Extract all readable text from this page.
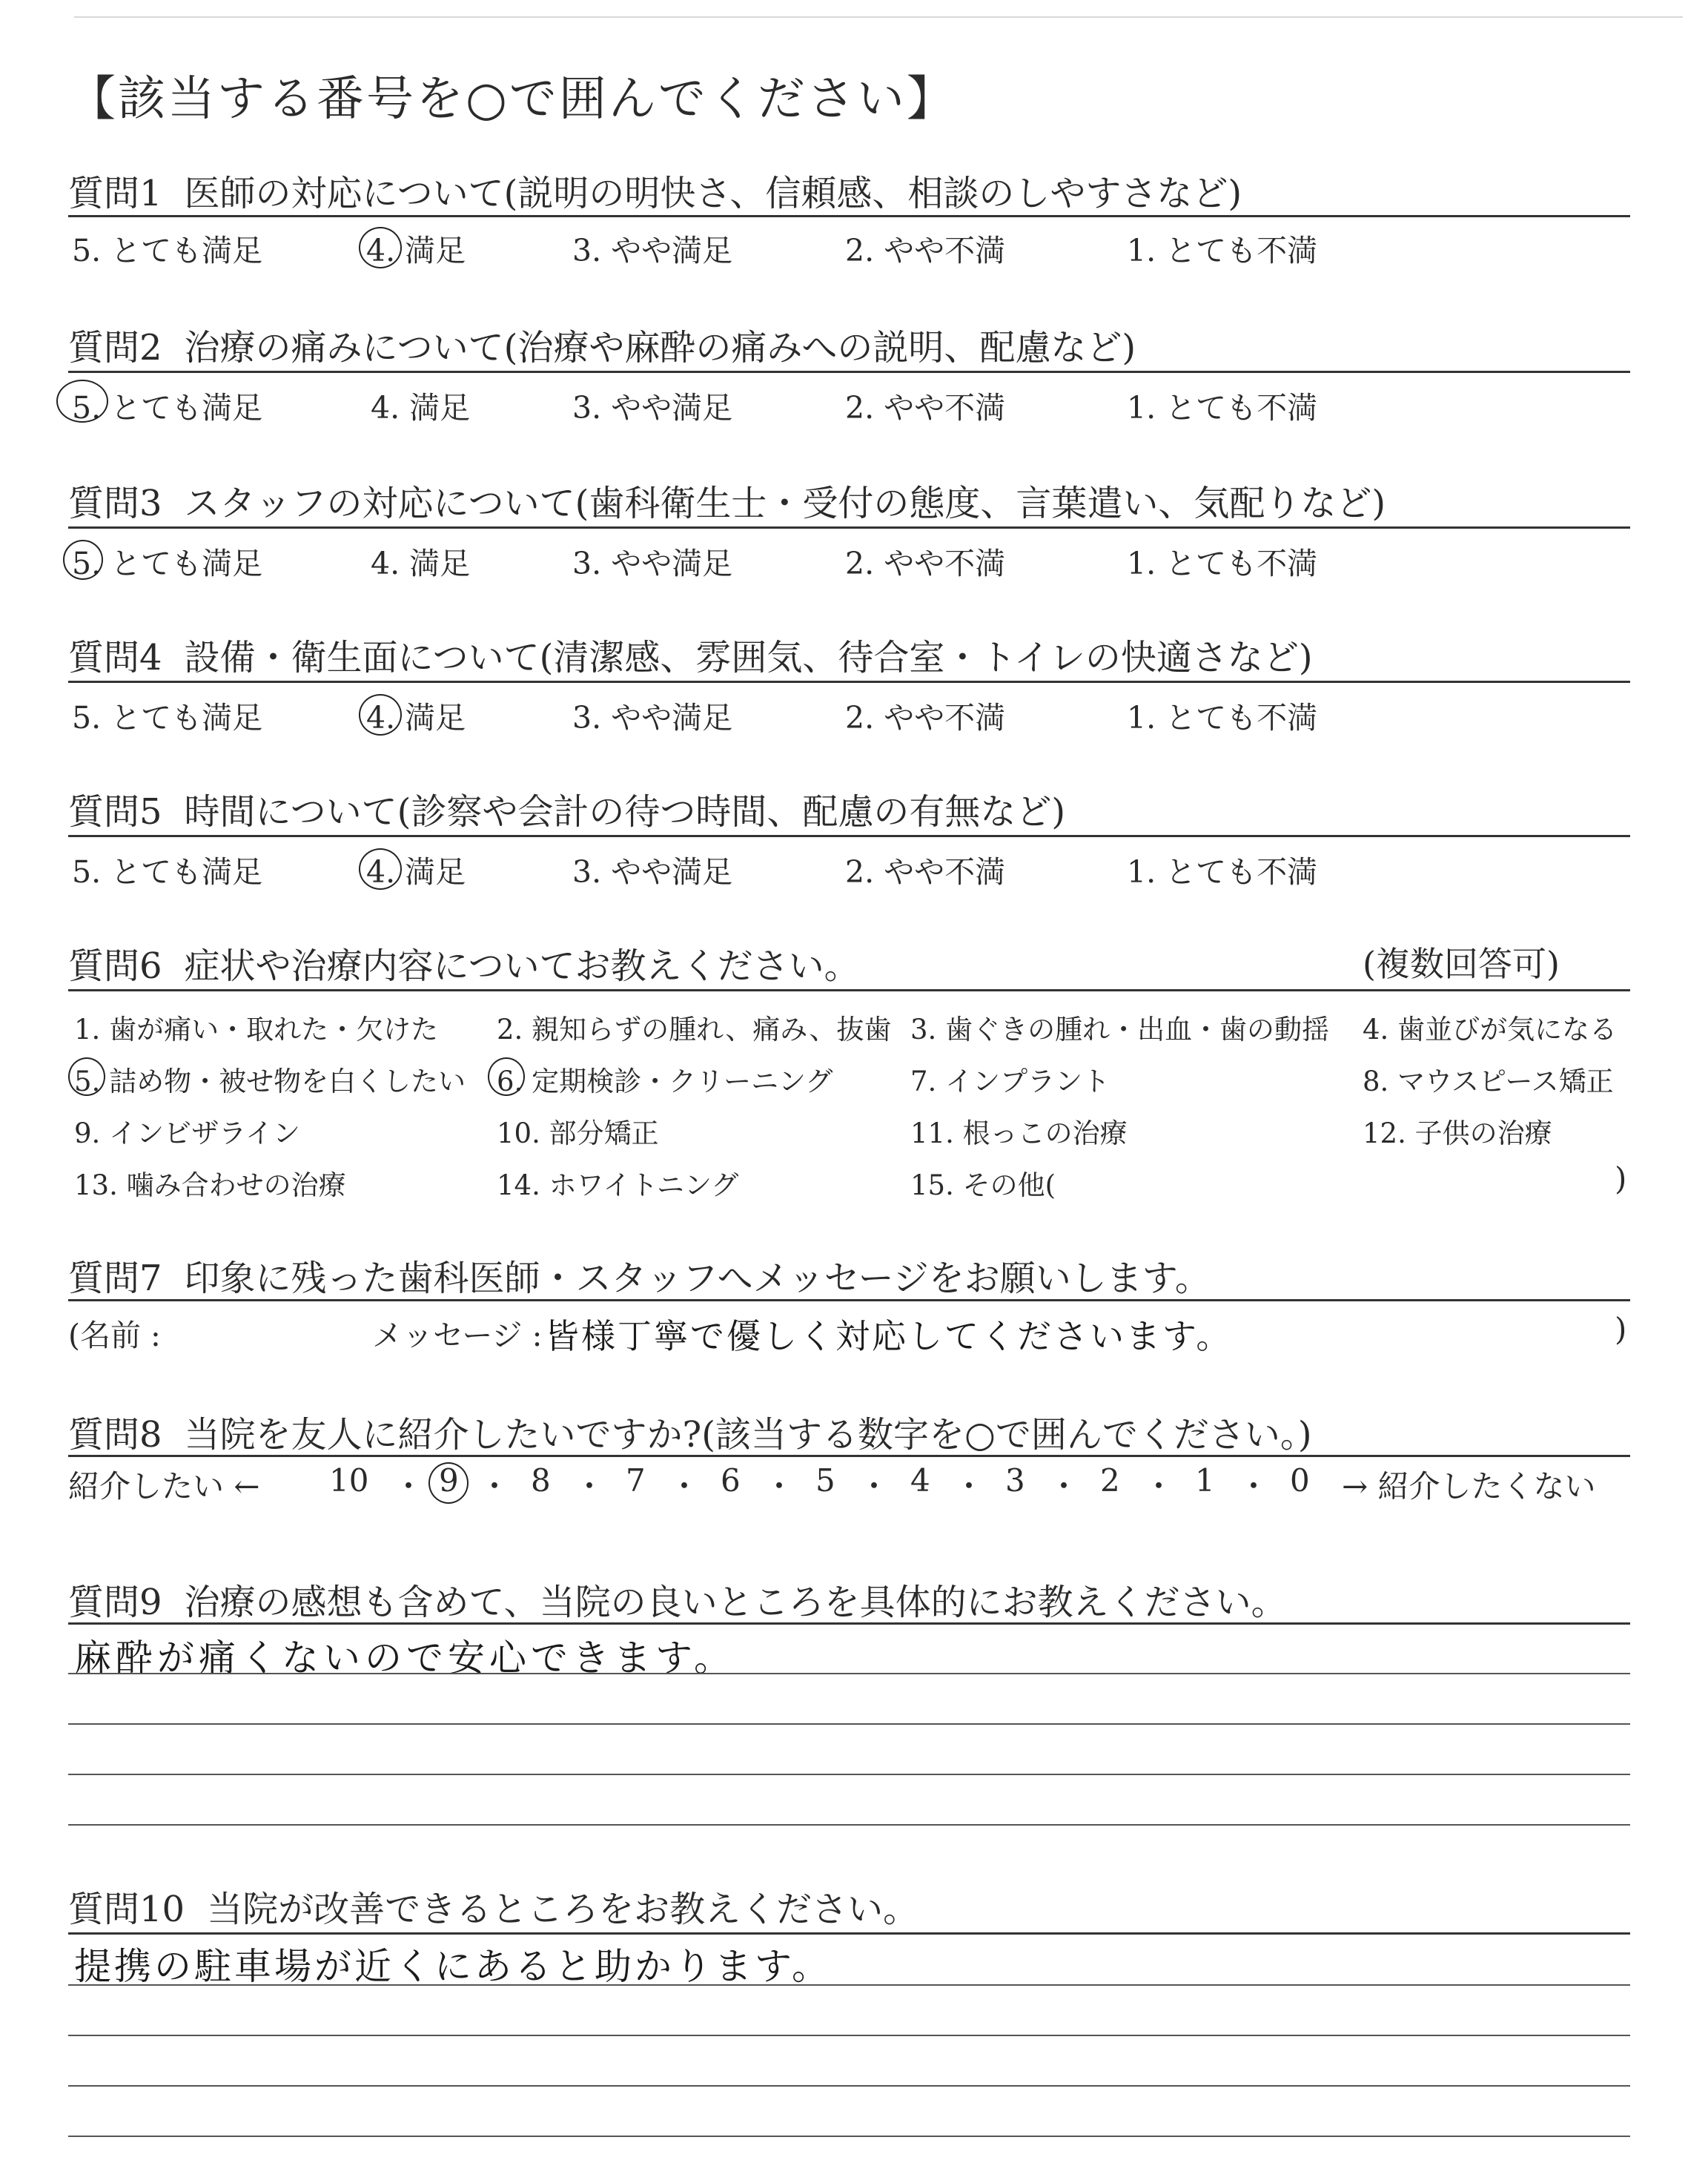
【該当する番号を○で囲んでください】
質問1 医師の対応について(説明の明快さ、信頼感、相談のしやすさなど)
5. とても満足	4. 満足	3. やや満足	2. やや不満	1. とても不満
質問2 治療の痛みについて(治療や麻酔の痛みへの説明、配慮など)
5. とても満足	4. 満足	3. やや満足	2. やや不満	1. とても不満
質問3 スタッフの対応について(歯科衛生士・受付の態度、言葉遣い、気配りなど)
5. とても満足	4. 満足	3. やや満足	2. やや不満	1. とても不満
質問4 設備・衛生面について(清潔感、雰囲気、待合室・トイレの快適さなど)
5. とても満足	4. 満足	3. やや満足	2. やや不満	1. とても不満
質問5 時間について(診察や会計の待つ時間、配慮の有無など)
5. とても満足	4. 満足	3. やや満足	2. やや不満	1. とても不満
質問6 症状や治療内容についてお教えください。	(複数回答可)
1. 歯が痛い・取れた・欠けた 2. 親知らずの腫れ、痛み、抜歯 3. 歯ぐきの腫れ・出血・歯の動揺 4. 歯並びが気になる
5. 詰め物・被せ物を白くしたい 6. 定期検診・クリーニング	7. インプラント	8. マウスピース矯正
9. インビザライン	10. 部分矯正	11. 根っこの治療	12. 子供の治療
13. 噛み合わせの治療	14. ホワイトニング	15. その他(	)
質問7 印象に残った歯科医師・スタッフへメッセージをお願いします。
(名前 :	メッセージ : 皆様丁寧で優しく対応してくださいます。	)
質問8 当院を友人に紹介したいですか?(該当する数字を○で囲んでください。)
紹介したい ← 10 ・ 9 ・ 8 ・ 7 ・ 6 ・ 5 ・ 4 ・ 3 ・ 2 ・ 1 ・ 0 → 紹介したくない
質問9 治療の感想も含めて、当院の良いところを具体的にお教えください。
麻酔が痛くないので安心できます。
質問10 当院が改善できるところをお教えください。
提携の駐車場が近くにあると助かります。
